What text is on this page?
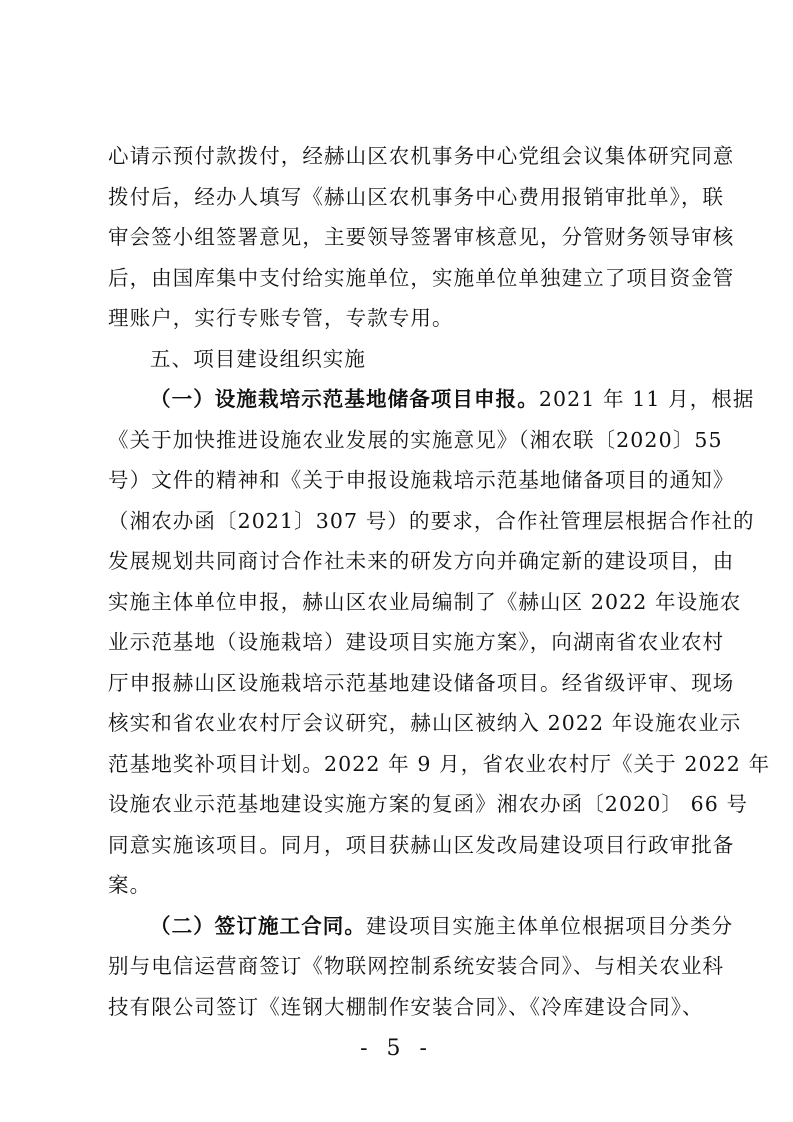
心请示预付款拨付，经赫山区农机事务中心党组会议集体研究同意
拨付后，经办人填写《赫山区农机事务中心费用报销审批单》，联
审会签小组签署意见，主要领导签署审核意见，分管财务领导审核
后，由国库集中支付给实施单位，实施单位单独建立了项目资金管
理账户，实行专账专管，专款专用。
五、项目建设组织实施
（一）设施栽培示范基地储备项目申报。2021 年 11 月，根据
《关于加快推进设施农业发展的实施意见》（湘农联〔2020〕55
号）文件的精神和《关于申报设施栽培示范基地储备项目的通知》
（湘农办函〔2021〕307 号）的要求，合作社管理层根据合作社的
发展规划共同商讨合作社未来的研发方向并确定新的建设项目，由
实施主体单位申报，赫山区农业局编制了《赫山区 2022 年设施农
业示范基地（设施栽培）建设项目实施方案》，向湖南省农业农村
厅申报赫山区设施栽培示范基地建设储备项目。经省级评审、现场
核实和省农业农村厅会议研究，赫山区被纳入 2022 年设施农业示
范基地奖补项目计划。2022 年 9 月，省农业农村厅《关于 2022 年
设施农业示范基地建设实施方案的复函》湘农办函〔2020〕 66 号
同意实施该项目。同月，项目获赫山区发改局建设项目行政审批备
案。
（二）签订施工合同。建设项目实施主体单位根据项目分类分
别与电信运营商签订《物联网控制系统安装合同》、与相关农业科
技有限公司签订《连钢大棚制作安装合同》、《冷库建设合同》、
- 5 -
